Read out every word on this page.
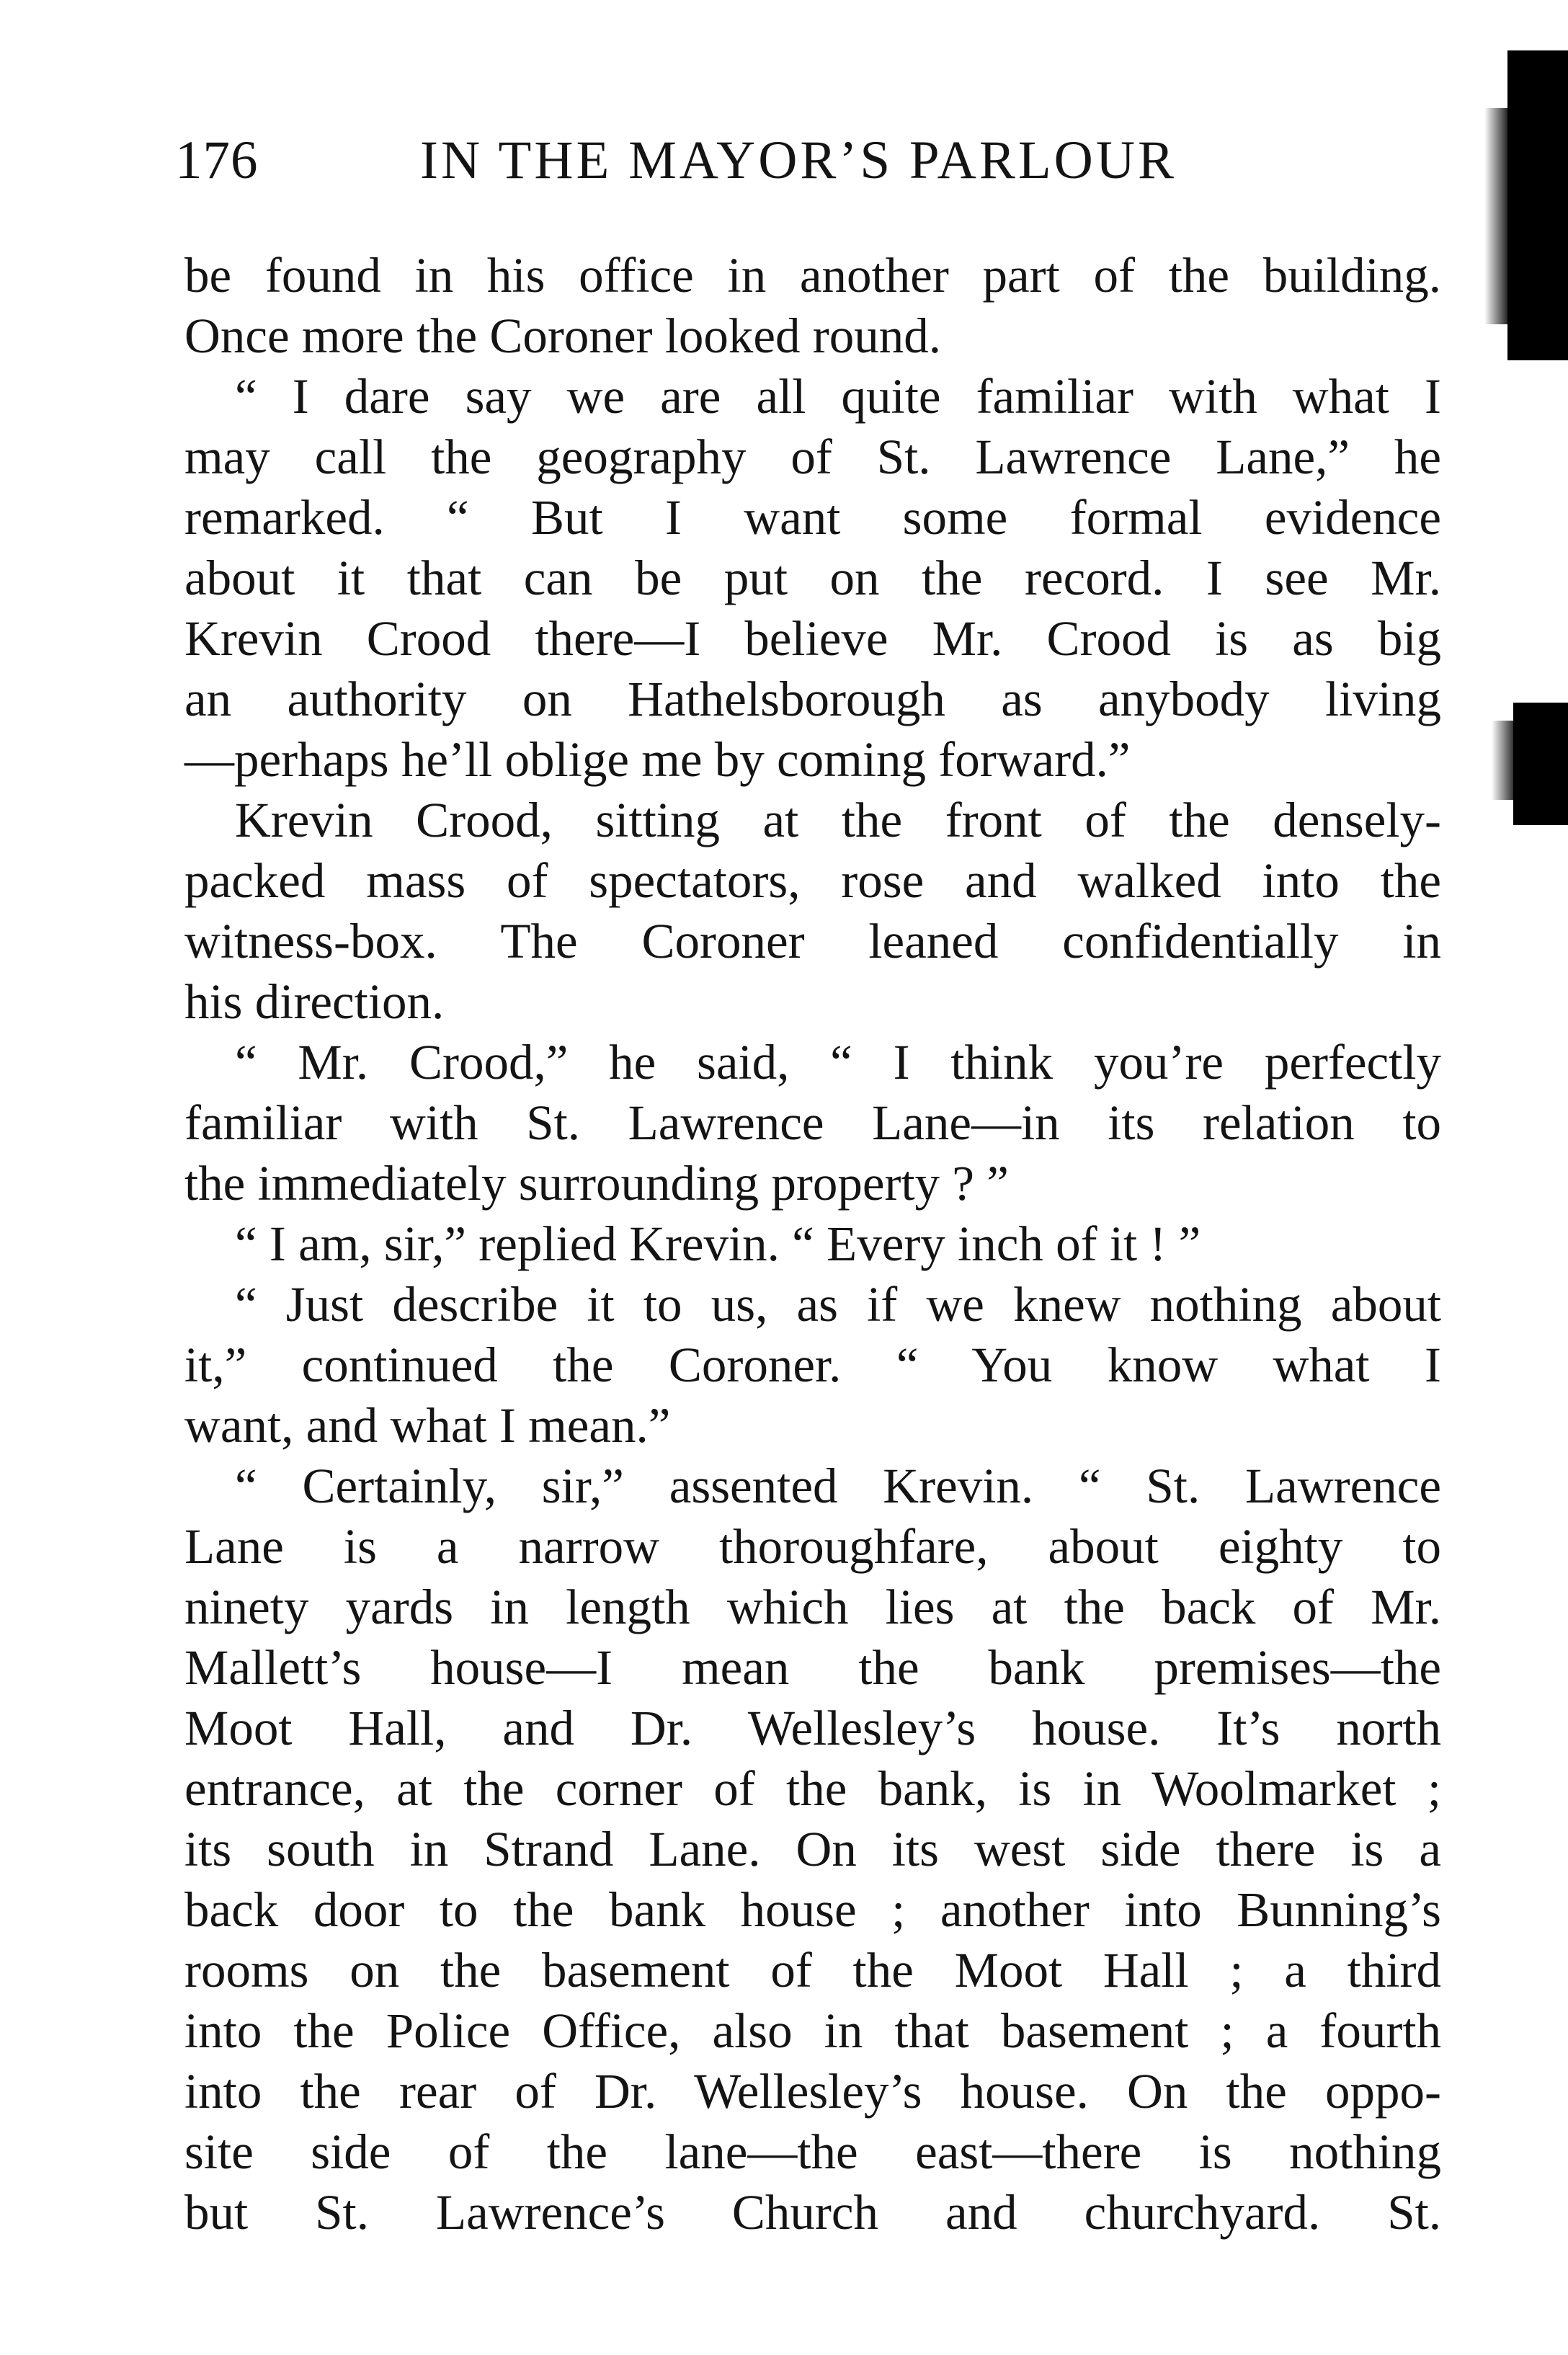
176	IN THE MAYOR’S PARLOUR
be found in his office in another part of the building.
Once more the Coroner looked round.
“ I dare say we are all quite familiar with what I
may call the geography of St. Lawrence Lane,” he
remarked. “ But I want some formal evidence
about it that can be put on the record. I see Mr.
Krevin Crood there—I believe Mr. Crood is as big
an authority on Hathelsborough as anybody living
—perhaps he’ll oblige me by coming forward.”
Krevin Crood, sitting at the front of the densely-
packed mass of spectators, rose and walked into the
witness-box. The Coroner leaned confidentially in
his direction.
“ Mr. Crood,” he said, “ I think you’re perfectly
familiar with St. Lawrence Lane—in its relation to
the immediately surrounding property ? ”
“ I am, sir,” replied Krevin. “ Every inch of it ! ”
“ Just describe it to us, as if we knew nothing about
it,” continued the Coroner. “ You know what I
want, and what I mean.”
“ Certainly, sir,” assented Krevin. “ St. Lawrence
Lane is a narrow thoroughfare, about eighty to
ninety yards in length which lies at the back of Mr.
Mallett’s house—I mean the bank premises—the
Moot Hall, and Dr. Wellesley’s house. It’s north
entrance, at the corner of the bank, is in Woolmarket ;
its south in Strand Lane. On its west side there is a
back door to the bank house ; another into Bunning’s
rooms on the basement of the Moot Hall ; a third
into the Police Office, also in that basement ; a fourth
into the rear of Dr. Wellesley’s house. On the oppo-
site side of the lane—the east—there is nothing
but St. Lawrence’s Church and churchyard. St.
